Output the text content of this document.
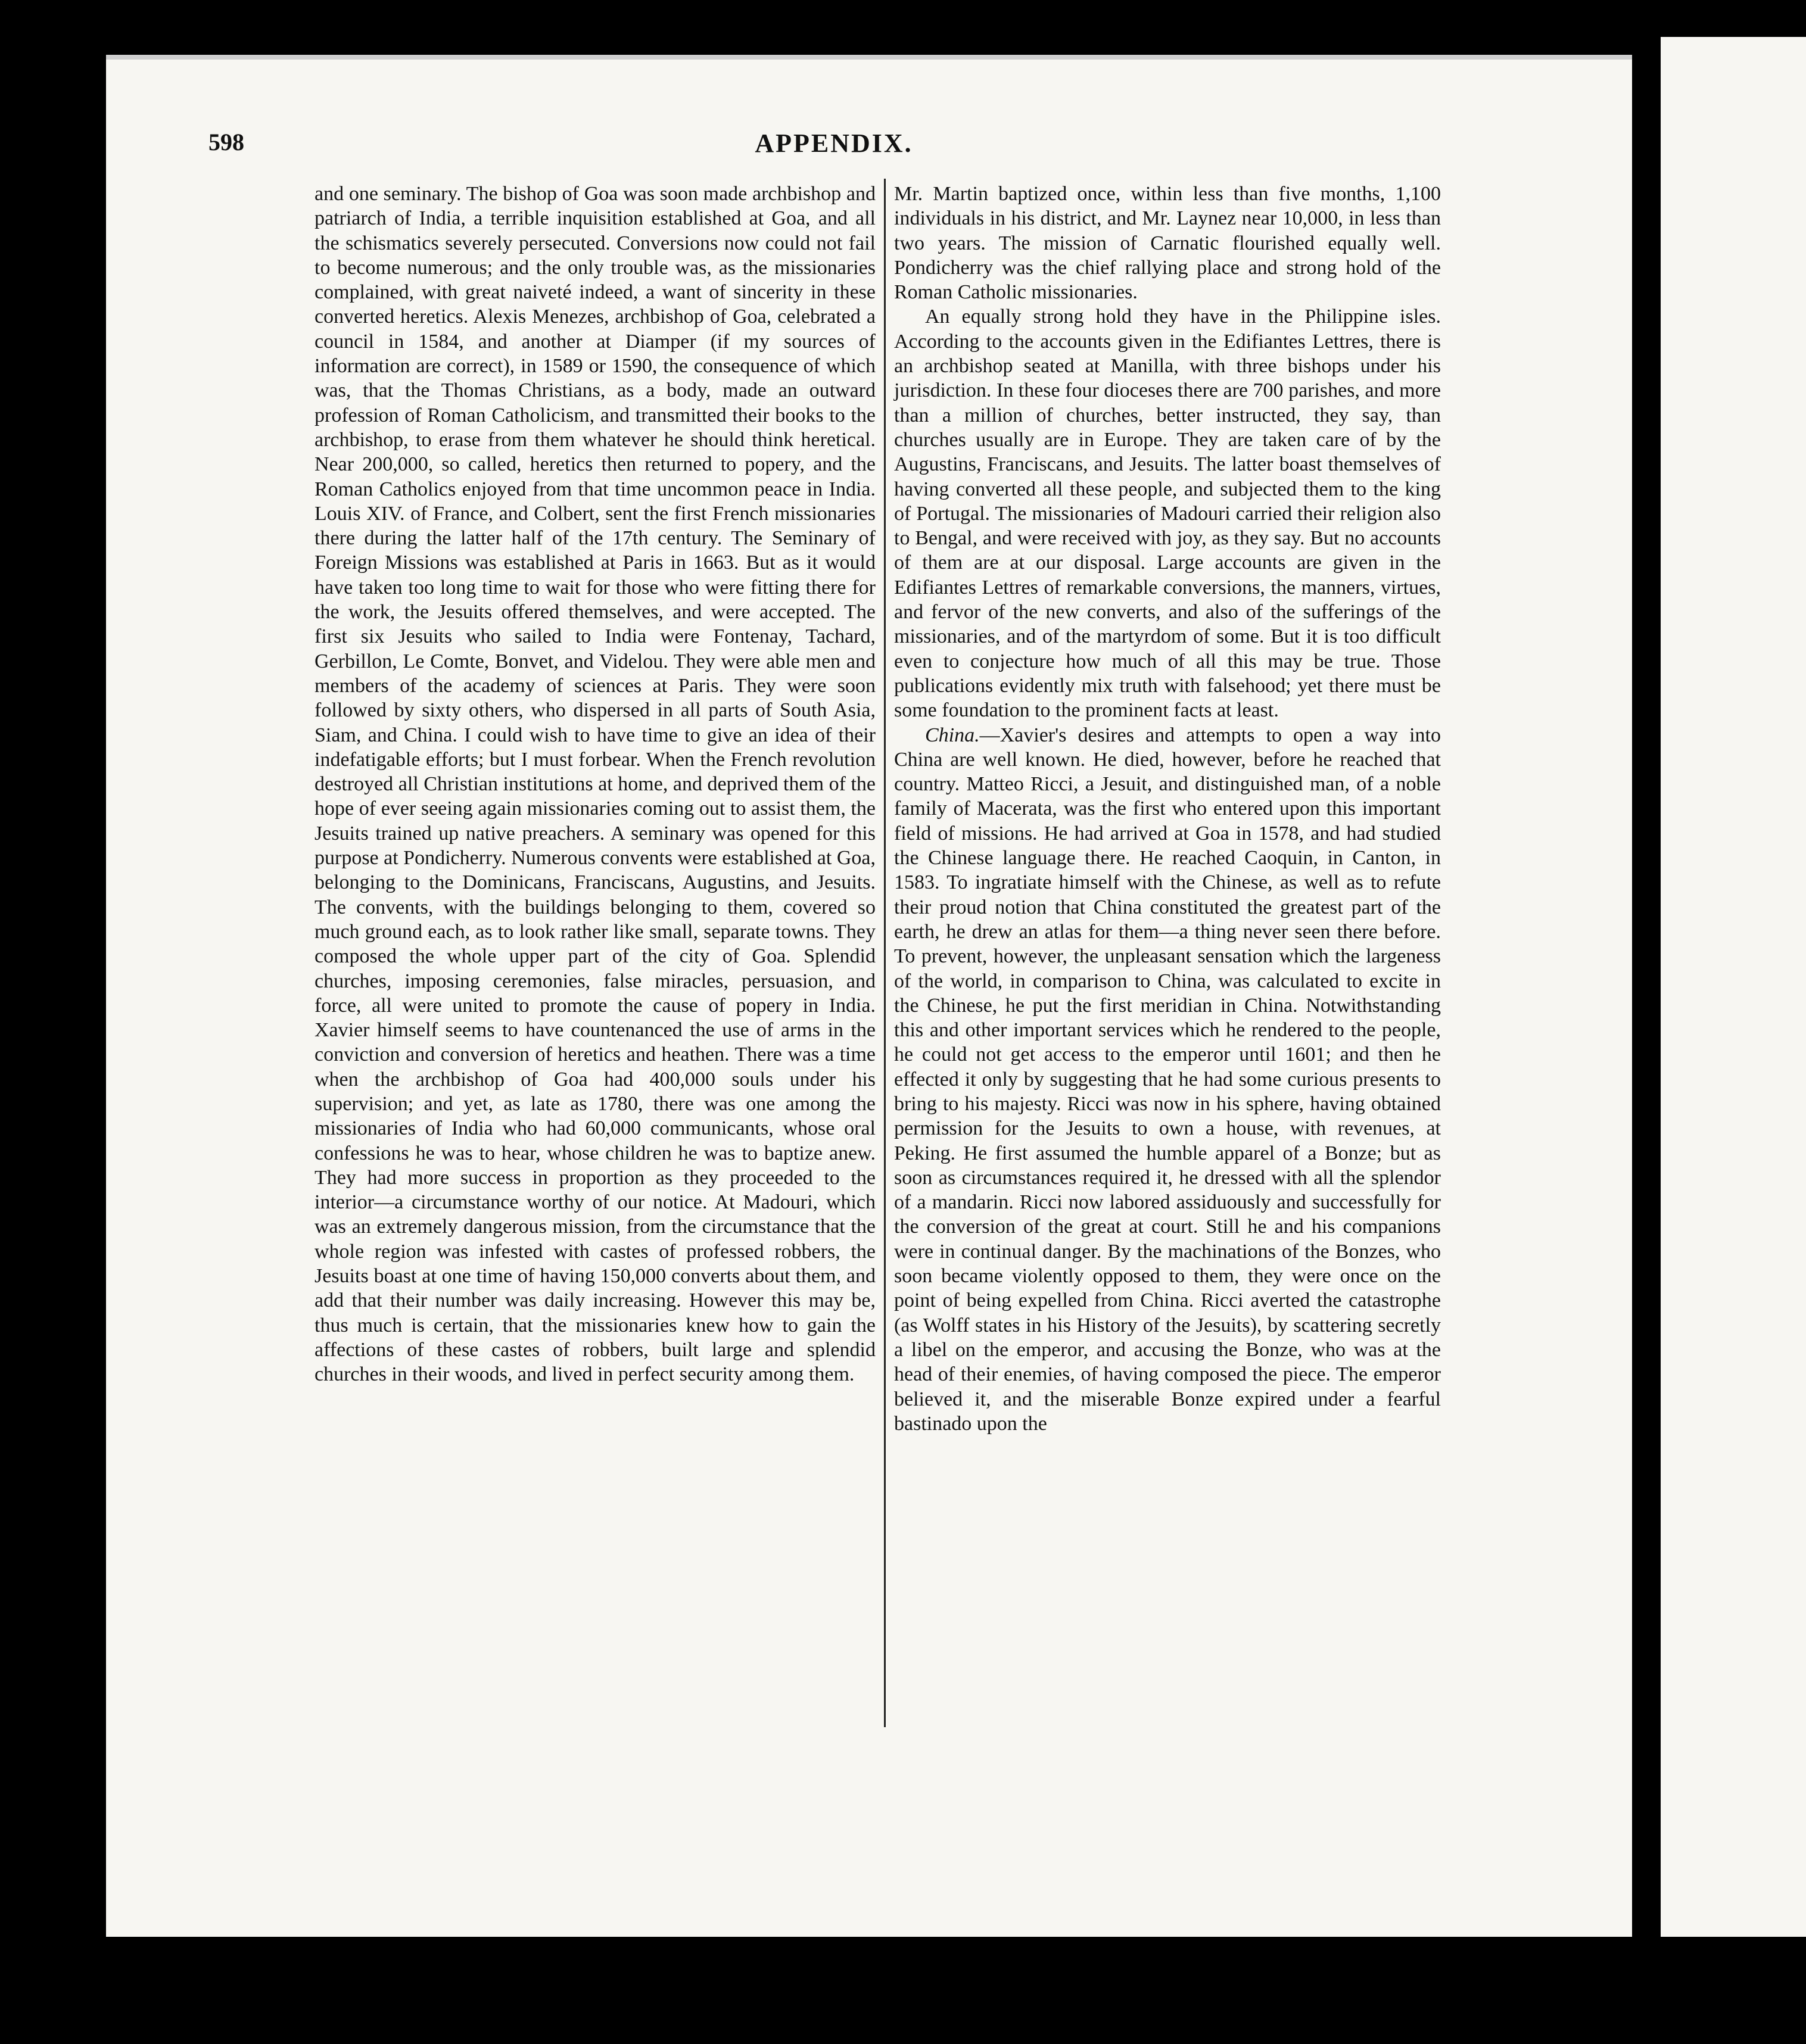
598	APPENDIX.

and one seminary. The bishop of Goa was soon made archbishop and patriarch of India, a terrible inquisition established at Goa, and all the schismatics severely persecuted. Conversions now could not fail to become numerous; and the only trouble was, as the missionaries complained, with great naiveté indeed, a want of sincerity in these converted heretics. Alexis Menezes, archbishop of Goa, celebrated a council in 1584, and another at Diamper (if my sources of information are correct), in 1589 or 1590, the consequence of which was, that the Thomas Christians, as a body, made an outward profession of Roman Catholicism, and transmitted their books to the archbishop, to erase from them whatever he should think heretical. Near 200,000, so called, heretics then returned to popery, and the Roman Catholics enjoyed from that time uncommon peace in India. Louis XIV. of France, and Colbert, sent the first French missionaries there during the latter half of the 17th century. The Seminary of Foreign Missions was established at Paris in 1663. But as it would have taken too long time to wait for those who were fitting there for the work, the Jesuits offered themselves, and were accepted. The first six Jesuits who sailed to India were Fontenay, Tachard, Gerbillon, Le Comte, Bonvet, and Videlou. They were able men and members of the academy of sciences at Paris. They were soon followed by sixty others, who dispersed in all parts of South Asia, Siam, and China. I could wish to have time to give an idea of their indefatigable efforts; but I must forbear. When the French revolution destroyed all Christian institutions at home, and deprived them of the hope of ever seeing again missionaries coming out to assist them, the Jesuits trained up native preachers. A seminary was opened for this purpose at Pondicherry. Numerous convents were established at Goa, belonging to the Dominicans, Franciscans, Augustins, and Jesuits. The convents, with the buildings belonging to them, covered so much ground each, as to look rather like small, separate towns. They composed the whole upper part of the city of Goa. Splendid churches, imposing ceremonies, false miracles, persuasion, and force, all were united to promote the cause of popery in India. Xavier himself seems to have countenanced the use of arms in the conviction and conversion of heretics and heathen. There was a time when the archbishop of Goa had 400,000 souls under his supervision; and yet, as late as 1780, there was one among the missionaries of India who had 60,000 communicants, whose oral confessions he was to hear, whose children he was to baptize anew. They had more success in proportion as they proceeded to the interior—a circumstance worthy of our notice. At Madouri, which was an extremely dangerous mission, from the circumstance that the whole region was infested with castes of professed robbers, the Jesuits boast at one time of having 150,000 converts about them, and add that their number was daily increasing. However this may be, thus much is certain, that the missionaries knew how to gain the affections of these castes of robbers, built large and splendid churches in their woods, and lived in perfect security among them.

Mr. Martin baptized once, within less than five months, 1,100 individuals in his district, and Mr. Laynez near 10,000, in less than two years. The mission of Carnatic flourished equally well. Pondicherry was the chief rallying place and strong hold of the Roman Catholic missionaries.

An equally strong hold they have in the Philippine isles. According to the accounts given in the Edifiantes Lettres, there is an archbishop seated at Manilla, with three bishops under his jurisdiction. In these four dioceses there are 700 parishes, and more than a million of churches, better instructed, they say, than churches usually are in Europe. They are taken care of by the Augustins, Franciscans, and Jesuits. The latter boast themselves of having converted all these people, and subjected them to the king of Portugal. The missionaries of Madouri carried their religion also to Bengal, and were received with joy, as they say. But no accounts of them are at our disposal. Large accounts are given in the Edifiantes Lettres of remarkable conversions, the manners, virtues, and fervor of the new converts, and also of the sufferings of the missionaries, and of the martyrdom of some. But it is too difficult even to conjecture how much of all this may be true. Those publications evidently mix truth with falsehood; yet there must be some foundation to the prominent facts at least.

China.—Xavier's desires and attempts to open a way into China are well known. He died, however, before he reached that country. Matteo Ricci, a Jesuit, and distinguished man, of a noble family of Macerata, was the first who entered upon this important field of missions. He had arrived at Goa in 1578, and had studied the Chinese language there. He reached Caoquin, in Canton, in 1583. To ingratiate himself with the Chinese, as well as to refute their proud notion that China constituted the greatest part of the earth, he drew an atlas for them—a thing never seen there before. To prevent, however, the unpleasant sensation which the largeness of the world, in comparison to China, was calculated to excite in the Chinese, he put the first meridian in China. Notwithstanding this and other important services which he rendered to the people, he could not get access to the emperor until 1601; and then he effected it only by suggesting that he had some curious presents to bring to his majesty. Ricci was now in his sphere, having obtained permission for the Jesuits to own a house, with revenues, at Peking. He first assumed the humble apparel of a Bonze; but as soon as circumstances required it, he dressed with all the splendor of a mandarin. Ricci now labored assiduously and successfully for the conversion of the great at court. Still he and his companions were in continual danger. By the machinations of the Bonzes, who soon became violently opposed to them, they were once on the point of being expelled from China. Ricci averted the catastrophe (as Wolff states in his History of the Jesuits), by scattering secretly a libel on the emperor, and accusing the Bonze, who was at the head of their enemies, of having composed the piece. The emperor believed it, and the miserable Bonze expired under a fearful bastinado upon the
